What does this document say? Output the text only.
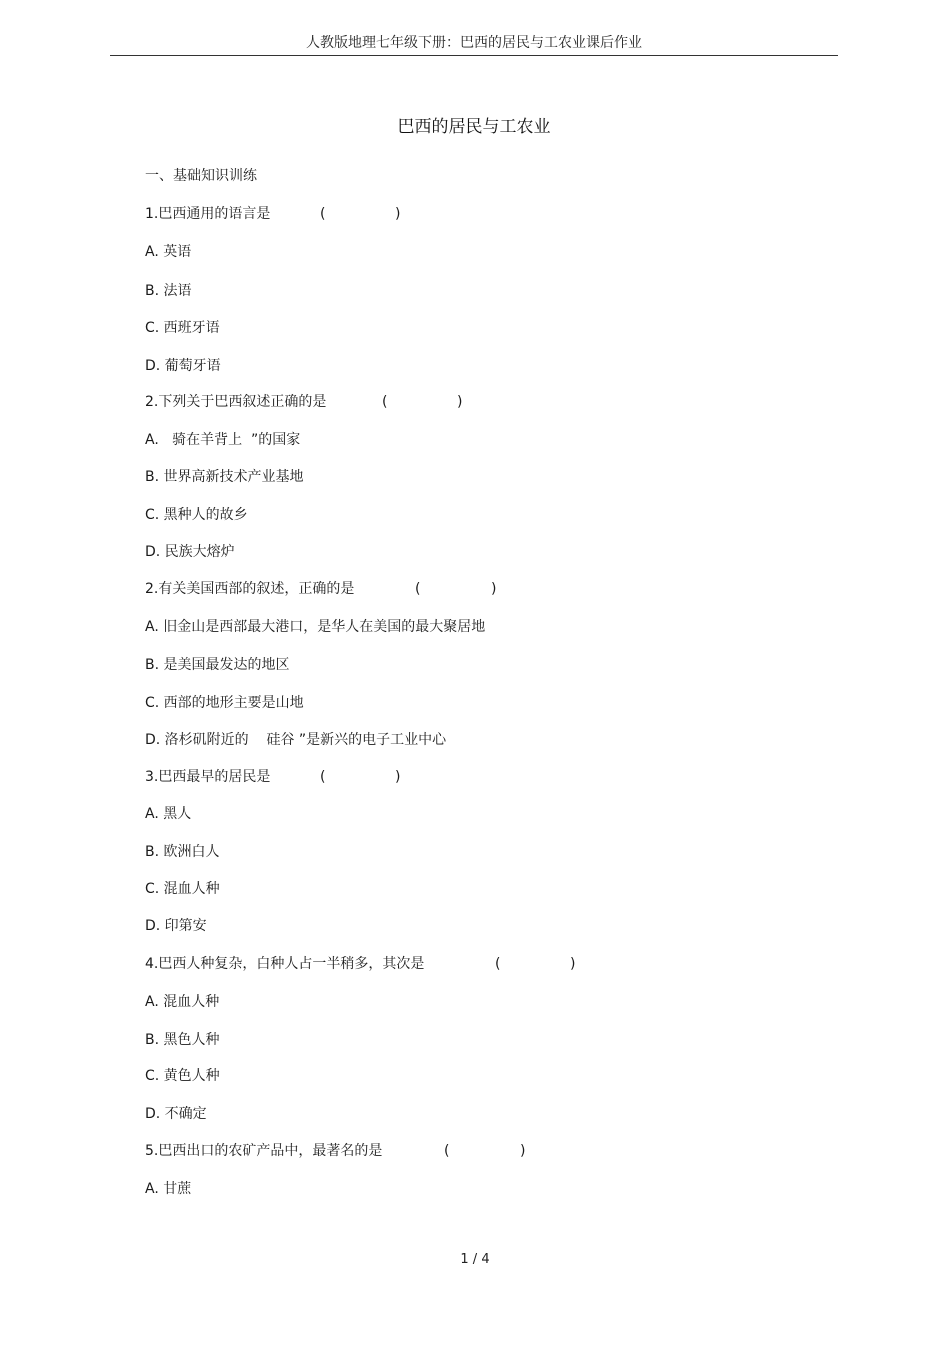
人教版地理七年级下册：巴西的居民与工农业课后作业
巴西的居民与工农业
一、基础知识训练
1.巴西通用的语言是	(	)
A. 英语
B. 法语
C. 西班牙语
D. 葡萄牙语
2.下列关于巴西叙述正确的是	(	)
A.   骑在羊背上  ”的国家
B. 世界高新技术产业基地
C. 黑种人的故乡
D. 民族大熔炉
2.有关美国西部的叙述，正确的是	(	)
A. 旧金山是西部最大港口，是华人在美国的最大聚居地
B. 是美国最发达的地区
C. 西部的地形主要是山地
D. 洛杉矶附近的    硅谷 ”是新兴的电子工业中心
3.巴西最早的居民是	(	)
A. 黑人
B. 欧洲白人
C. 混血人种
D. 印第安
4.巴西人种复杂，白种人占一半稍多，其次是	(	)
A. 混血人种
B. 黑色人种
C. 黄色人种
D. 不确定
5.巴西出口的农矿产品中，最著名的是	(	)
A. 甘蔗
1 / 4
